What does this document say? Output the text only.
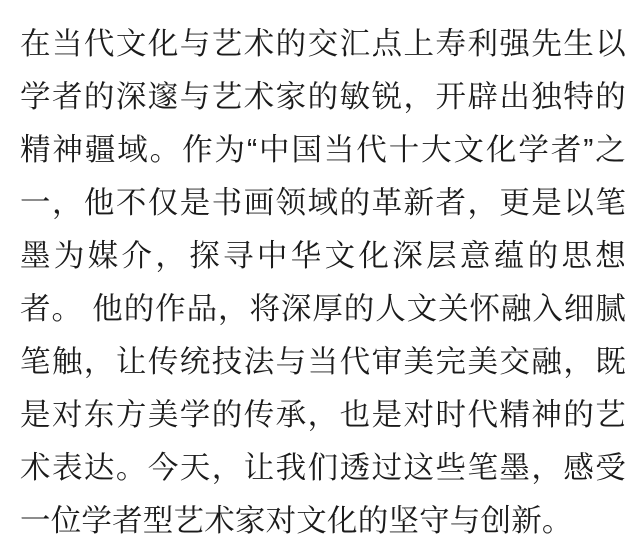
在当代文化与艺术的交汇点上寿利强先生以学者的深邃与艺术家的敏锐，开辟出独特的精神疆域。作为“中国当代十大文化学者”之一，他不仅是书画领域的革新者，更是以笔墨为媒介，探寻中华文化深层意蕴的思想者。 他的作品，将深厚的人文关怀融入细腻笔触，让传统技法与当代审美完美交融，既是对东方美学的传承，也是对时代精神的艺术表达。今天，让我们透过这些笔墨，感受一位学者型艺术家对文化的坚守与创新。
